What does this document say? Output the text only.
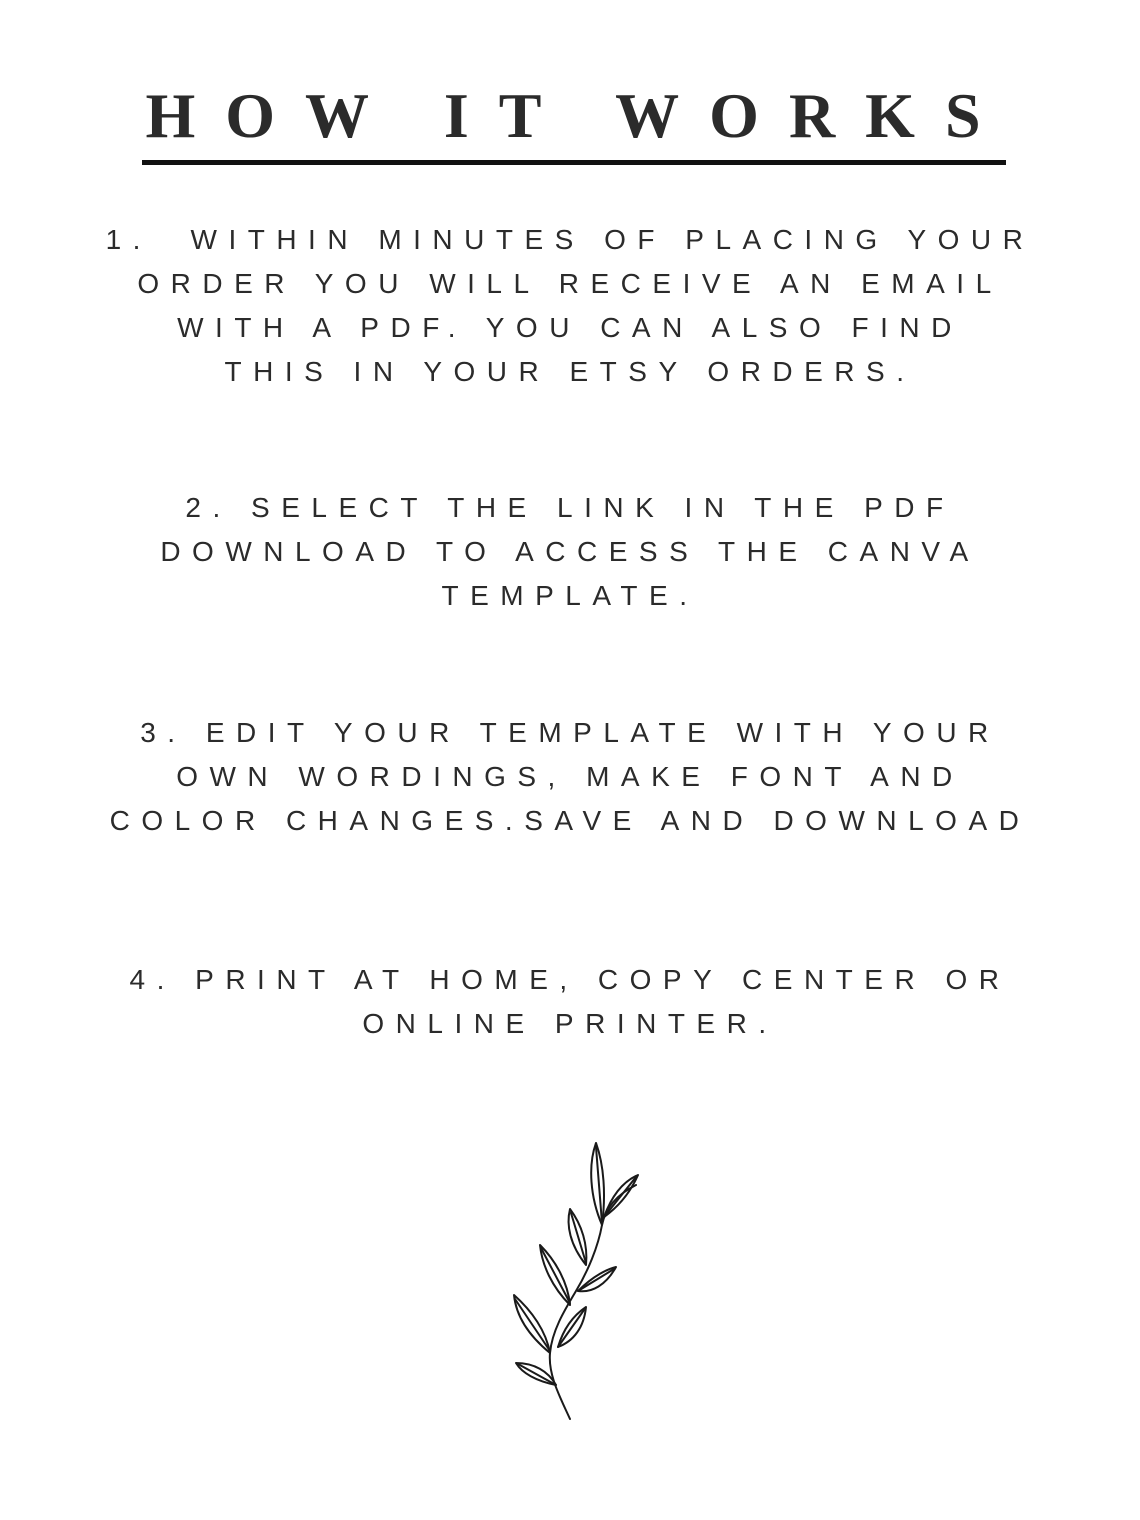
HOW IT WORKS
1.  WITHIN MINUTES OF PLACING YOUR
ORDER YOU WILL RECEIVE AN EMAIL
WITH A PDF. YOU CAN ALSO FIND
THIS IN YOUR ETSY ORDERS.
2. SELECT THE LINK IN THE PDF
DOWNLOAD TO ACCESS THE CANVA
TEMPLATE.
3. EDIT YOUR TEMPLATE WITH YOUR
OWN WORDINGS, MAKE FONT AND
COLOR CHANGES.SAVE AND DOWNLOAD
4. PRINT AT HOME, COPY CENTER OR
ONLINE PRINTER.
